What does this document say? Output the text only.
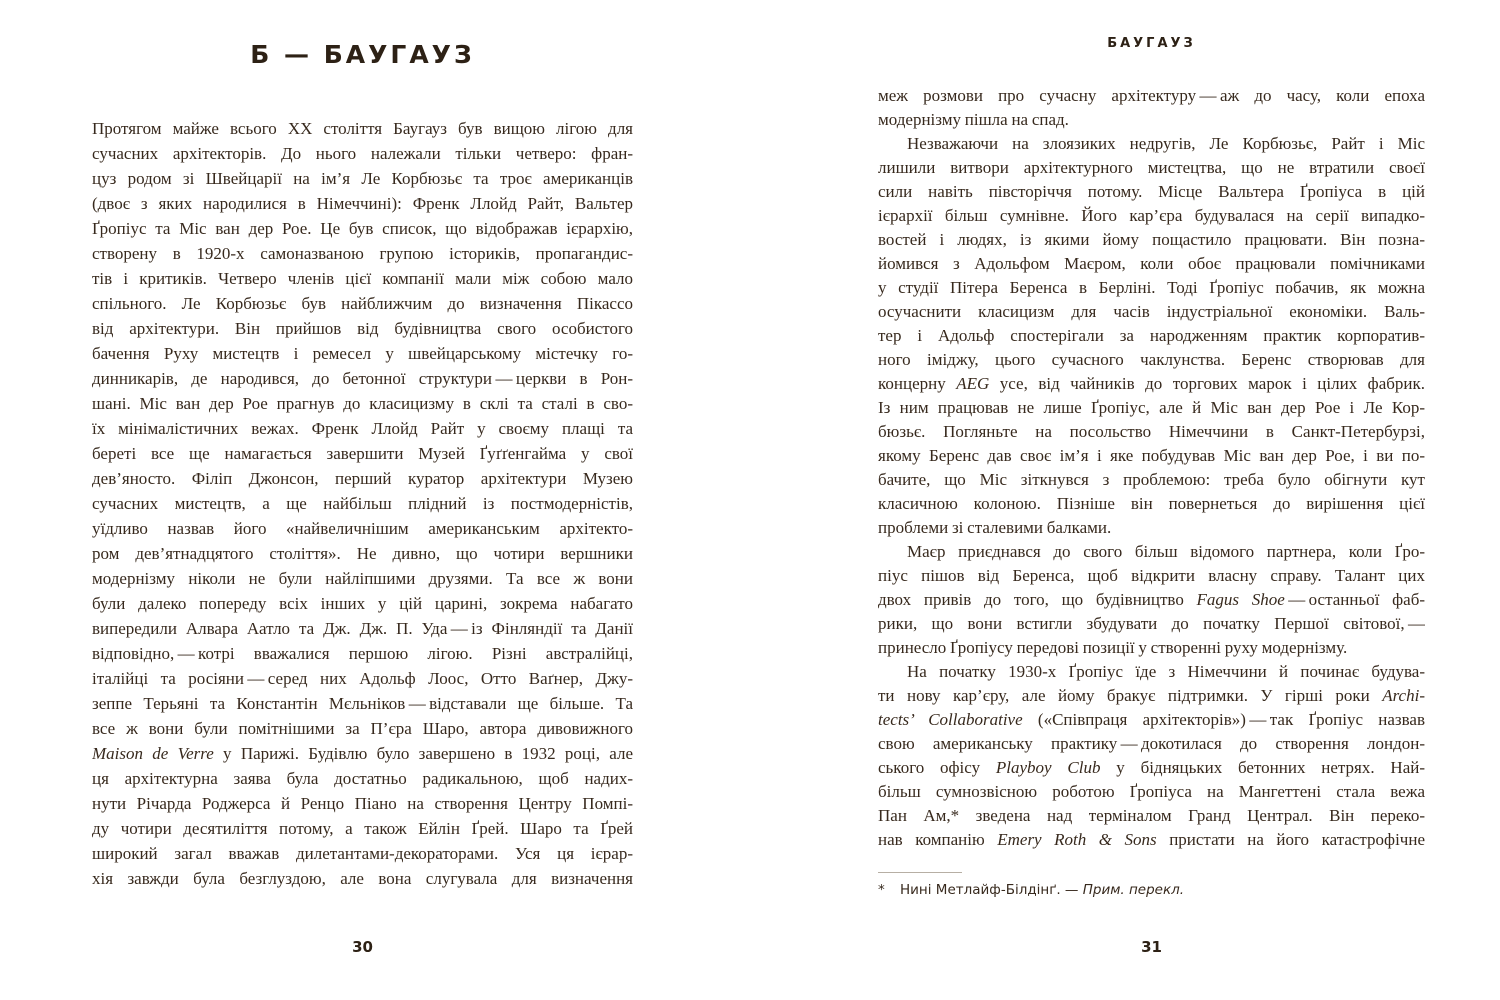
Б — БАУГАУЗ
Протягом майже всього XX століття Баугауз був вищою лігою для
сучасних архітекторів. До нього належали тільки четверо: фран-
цуз родом зі Швейцарії на ім’я Ле Корбюзьє та троє американців
(двоє з яких народилися в Німеччині): Френк Ллойд Райт, Вальтер
Ґропіус та Міс ван дер Рое. Це був список, що відображав ієрархію,
створену в 1920-х самоназваною групою істориків, пропагандис-
тів і критиків. Четверо членів цієї компанії мали між собою мало
спільного. Ле Корбюзьє був найближчим до визначення Пікассо
від архітектури. Він прийшов від будівництва свого особистого
бачення Руху мистецтв і ремесел у швейцарському містечку го-
динникарів, де народився, до бетонної структури — церкви в Рон-
шані. Міс ван дер Рое прагнув до класицизму в склі та сталі в сво-
їх мінімалістичних вежах. Френк Ллойд Райт у своєму плащі та
береті все ще намагається завершити Музей Ґуґґенгайма у свої
дев’яносто. Філіп Джонсон, перший куратор архітектури Музею
сучасних мистецтв, а ще найбільш плідний із постмодерністів,
уїдливо назвав його «найвеличнішим американським архітекто-
ром дев’ятнадцятого століття». Не дивно, що чотири вершники
модернізму ніколи не були найліпшими друзями. Та все ж вони
були далеко попереду всіх інших у цій царині, зокрема набагато
випередили Алвара Аатло та Дж. Дж. П. Уда — із Фінляндії та Данії
відповідно, — котрі вважалися першою лігою. Різні австралійці,
італійці та росіяни — серед них Адольф Лоос, Отто Ваґнер, Джу-
зеппе Терьяні та Константін Мєльніков — відставали ще більше. Та
все ж вони були помітнішими за П’єра Шаро, автора дивовижного
Maison de Verre у Парижі. Будівлю було завершено в 1932 році, але
ця архітектурна заява була достатньо радикальною, щоб надих-
нути Річарда Роджерса й Ренцо Піано на створення Центру Помпі-
ду чотири десятиліття потому, а також Ейлін Ґрей. Шаро та Ґрей
широкий загал вважав дилетантами-декораторами. Уся ця ієрар-
хія завжди була безглуздою, але вона слугувала для визначення
30
БАУГАУЗ
меж розмови про сучасну архітектуру — аж до часу, коли епоха
модернізму пішла на спад.
Незважаючи на злоязиких недругів, Ле Корбюзьє, Райт і Міс
лишили витвори архітектурного мистецтва, що не втратили своєї
сили навіть півсторіччя потому. Місце Вальтера Ґропіуса в цій
ієрархії більш сумнівне. Його кар’єра будувалася на серії випадко-
востей і людях, із якими йому пощастило працювати. Він позна-
йомився з Адольфом Маєром, коли обоє працювали помічниками
у студії Пітера Беренса в Берліні. Тоді Ґропіус побачив, як можна
осучаснити класицизм для часів індустріальної економіки. Валь-
тер і Адольф спостерігали за народженням практик корпоратив-
ного іміджу, цього сучасного чаклунства. Беренс створював для
концерну AEG усе, від чайників до торгових марок і цілих фабрик.
Із ним працював не лише Ґропіус, але й Міс ван дер Рое і Ле Кор-
бюзьє. Погляньте на посольство Німеччини в Санкт-Петербурзі,
якому Беренс дав своє ім’я і яке побудував Міс ван дер Рое, і ви по-
бачите, що Міс зіткнувся з проблемою: треба було обігнути кут
класичною колоною. Пізніше він повернеться до вирішення цієї
проблеми зі сталевими балками.
Маєр приєднався до свого більш відомого партнера, коли Ґро-
піус пішов від Беренса, щоб відкрити власну справу. Талант цих
двох привів до того, що будівництво Fagus Shoe — останньої фаб-
рики, що вони встигли збудувати до початку Першої світової, —
принесло Ґропіусу передові позиції у створенні руху модернізму.
На початку 1930-х Ґропіус їде з Німеччини й починає будува-
ти нову кар’єру, але йому бракує підтримки. У гірші роки Archi-
tects’ Collaborative («Співпраця архітекторів») — так Ґропіус назвав
свою американську практику — докотилася до створення лондон-
ського офісу Playboy Club у бідняцьких бетонних нетрях. Най-
більш сумнозвісною роботою Ґропіуса на Мангеттені стала вежа
Пан Ам,* зведена над терміналом Гранд Централ. Він переко-
нав компанію Emery Roth & Sons пристати на його катастрофічне
*	Нині Метлайф-Білдінґ. — Прим. перекл.
31
